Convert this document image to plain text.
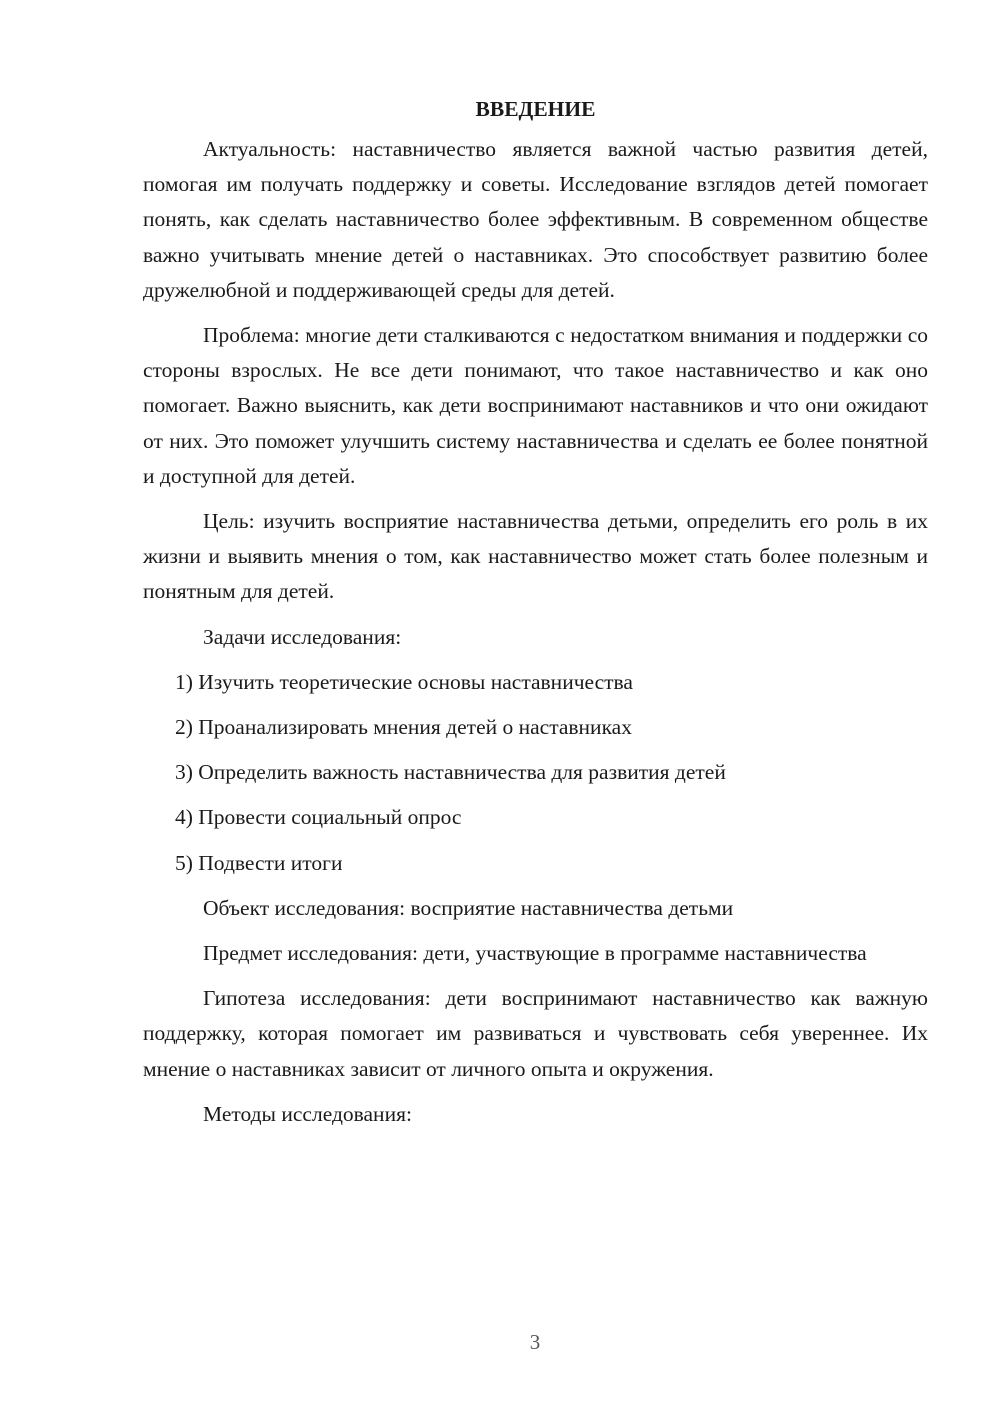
ВВЕДЕНИЕ

Актуальность: наставничество является важной частью развития детей, помогая им получать поддержку и советы. Исследование взглядов детей помогает понять, как сделать наставничество более эффективным. В современном обществе важно учитывать мнение детей о наставниках. Это способствует развитию более дружелюбной и поддерживающей среды для детей.

Проблема: многие дети сталкиваются с недостатком внимания и поддержки со стороны взрослых. Не все дети понимают, что такое наставничество и как оно помогает. Важно выяснить, как дети воспринимают наставников и что они ожидают от них. Это поможет улучшить систему наставничества и сделать ее более понятной и доступной для детей.

Цель: изучить восприятие наставничества детьми, определить его роль в их жизни и выявить мнения о том, как наставничество может стать более полезным и понятным для детей.

Задачи исследования:

1) Изучить теоретические основы наставничества
2) Проанализировать мнения детей о наставниках
3) Определить важность наставничества для развития детей
4) Провести социальный опрос
5) Подвести итоги

Объект исследования: восприятие наставничества детьми

Предмет исследования: дети, участвующие в программе наставничества

Гипотеза исследования: дети воспринимают наставничество как важную поддержку, которая помогает им развиваться и чувствовать себя увереннее. Их мнение о наставниках зависит от личного опыта и окружения.

Методы исследования:

3
